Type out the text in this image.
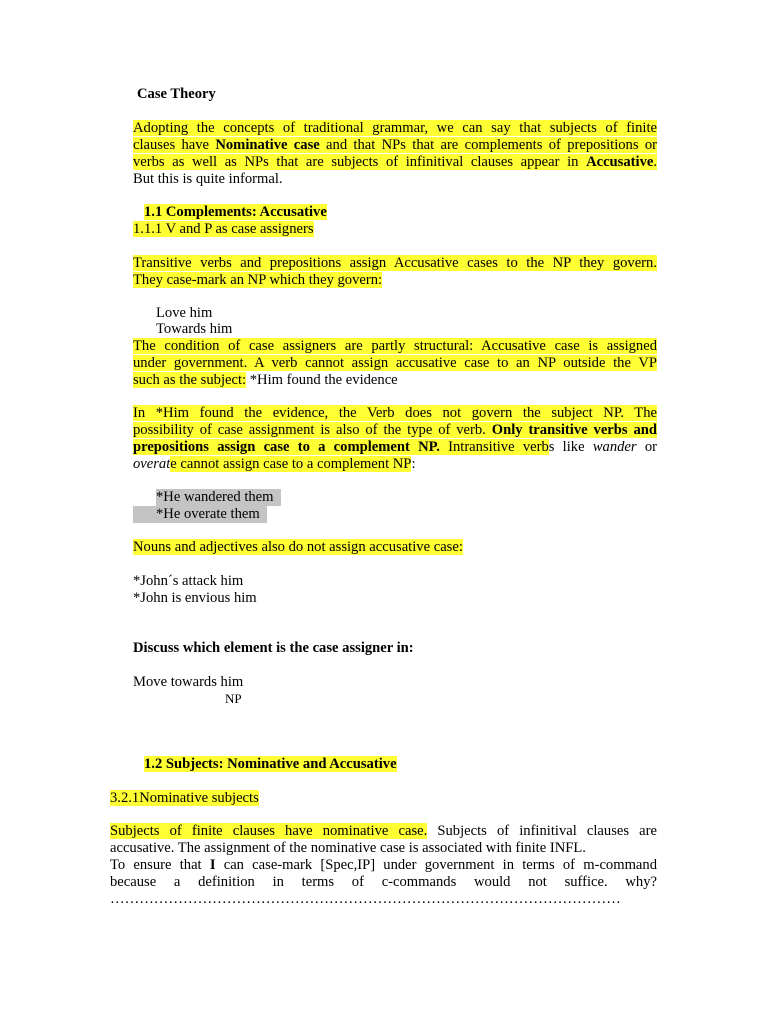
Case Theory
Adopting the concepts of traditional grammar, we can say that subjects of finite
clauses have Nominative case and that NPs that are complements of prepositions or
verbs as well as NPs that are subjects of infinitival clauses appear in Accusative.
But this is quite informal.
1.1 Complements: Accusative
1.1.1 V and P as case assigners
Transitive verbs and prepositions assign Accusative cases to the NP they govern.
They case-mark an NP which they govern:
Love him
Towards him
The condition of case assigners are partly structural: Accusative case is assigned
under government. A verb cannot assign accusative case to an NP outside the VP
such as the subject: *Him found the evidence
In *Him found the evidence, the Verb does not govern the subject NP. The
possibility of case assignment is also of the type of verb. Only transitive verbs and
prepositions assign case to a complement NP. Intransitive verbs like wander or
overate cannot assign case to a complement NP:
*He wandered them
*He overate them
Nouns and adjectives also do not assign accusative case:
*John´s attack him
*John is envious him
Discuss which element is the case assigner in:
Move towards him
NP
1.2 Subjects: Nominative and Accusative
3.2.1Nominative subjects
Subjects of finite clauses have nominative case. Subjects of infinitival clauses are
accusative. The assignment of the nominative case is associated with finite INFL.
To ensure that I can case-mark [Spec,IP] under government in terms of m-command
because a definition in terms of c-commands would not suffice. why?
……………………………………………………………………………………………
